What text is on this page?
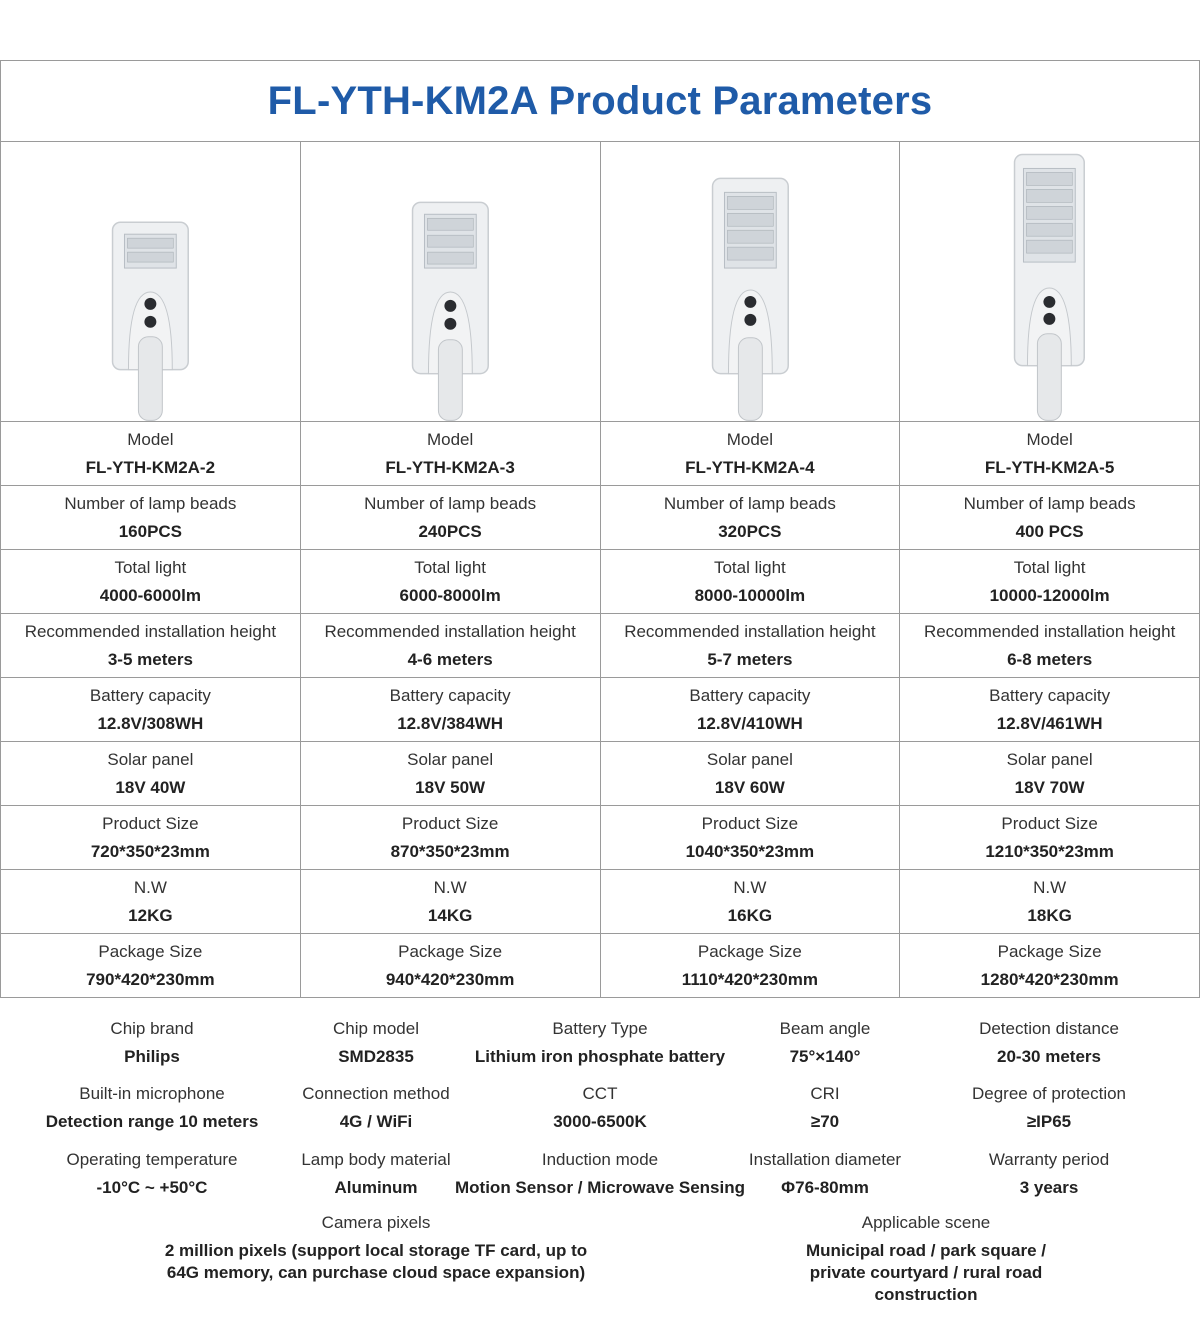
FL-YTH-KM2A Product Parameters
Model
FL-YTH-KM2A-2
Model
FL-YTH-KM2A-3
Model
FL-YTH-KM2A-4
Model
FL-YTH-KM2A-5
Number of lamp beads
160PCS
Number of lamp beads
240PCS
Number of lamp beads
320PCS
Number of lamp beads
400 PCS
Total light
4000-6000lm
Total light
6000-8000lm
Total light
8000-10000lm
Total light
10000-12000lm
Recommended installation height
3-5 meters
Recommended installation height
4-6 meters
Recommended installation height
5-7 meters
Recommended installation height
6-8 meters
Battery capacity
12.8V/308WH
Battery capacity
12.8V/384WH
Battery capacity
12.8V/410WH
Battery capacity
12.8V/461WH
Solar panel
18V 40W
Solar panel
18V 50W
Solar panel
18V 60W
Solar panel
18V 70W
Product Size
720*350*23mm
Product Size
870*350*23mm
Product Size
1040*350*23mm
Product Size
1210*350*23mm
N.W
12KG
N.W
14KG
N.W
16KG
N.W
18KG
Package Size
790*420*230mm
Package Size
940*420*230mm
Package Size
1110*420*230mm
Package Size
1280*420*230mm
Chip brand
Philips
Chip model
SMD2835
Battery Type
Lithium iron phosphate battery
Beam angle
75°×140°
Detection distance
20-30 meters
Built-in microphone
Detection range 10 meters
Connection method
4G / WiFi
CCT
3000-6500K
CRI
≥70
Degree of protection
≥IP65
Operating temperature
-10°C ~ +50°C
Lamp body material
Aluminum
Induction mode
Motion Sensor / Microwave Sensing
Installation diameter
Φ76-80mm
Warranty period
3 years
Camera pixels
2 million pixels (support local storage TF card, up to
64G memory, can purchase cloud space expansion)
Applicable scene
Municipal road / park square /
private courtyard / rural road construction
